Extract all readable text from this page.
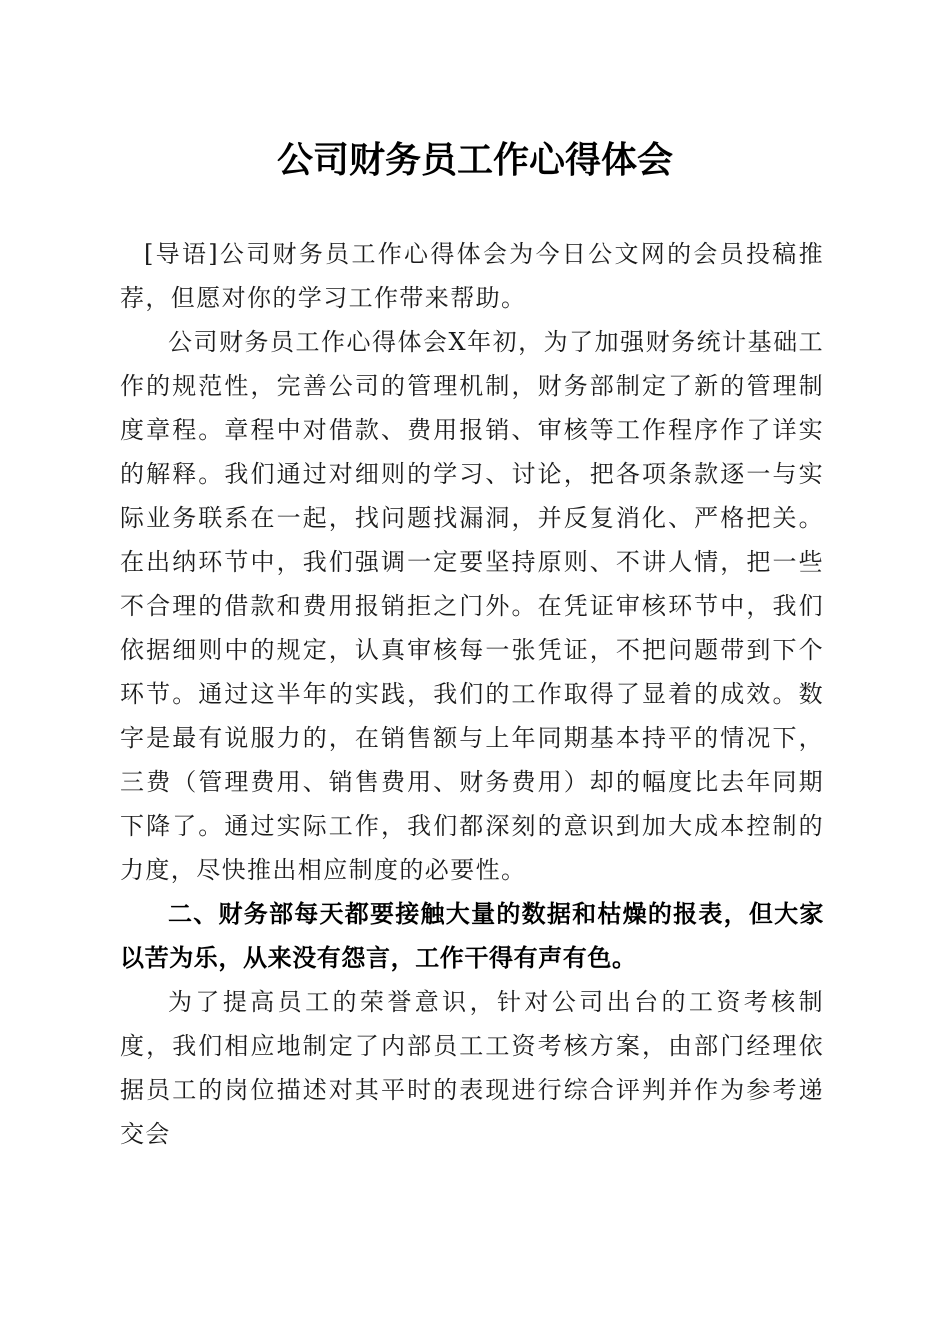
公司财务员工作心得体会

[导语]公司财务员工作心得体会为今日公文网的会员投稿推荐，但愿对你的学习工作带来帮助。

公司财务员工作心得体会X年初，为了加强财务统计基础工作的规范性，完善公司的管理机制，财务部制定了新的管理制度章程。章程中对借款、费用报销、审核等工作程序作了详实的解释。我们通过对细则的学习、讨论，把各项条款逐一与实际业务联系在一起，找问题找漏洞，并反复消化、严格把关。在出纳环节中，我们强调一定要坚持原则、不讲人情，把一些不合理的借款和费用报销拒之门外。在凭证审核环节中，我们依据细则中的规定，认真审核每一张凭证，不把问题带到下个环节。通过这半年的实践，我们的工作取得了显着的成效。数字是最有说服力的，在销售额与上年同期基本持平的情况下，三费（管理费用、销售费用、财务费用）却的幅度比去年同期下降了。通过实际工作，我们都深刻的意识到加大成本控制的力度，尽快推出相应制度的必要性。

二、财务部每天都要接触大量的数据和枯燥的报表，但大家以苦为乐，从来没有怨言，工作干得有声有色。

为了提高员工的荣誉意识，针对公司出台的工资考核制度，我们相应地制定了内部员工工资考核方案，由部门经理依据员工的岗位描述对其平时的表现进行综合评判并作为参考递交会
